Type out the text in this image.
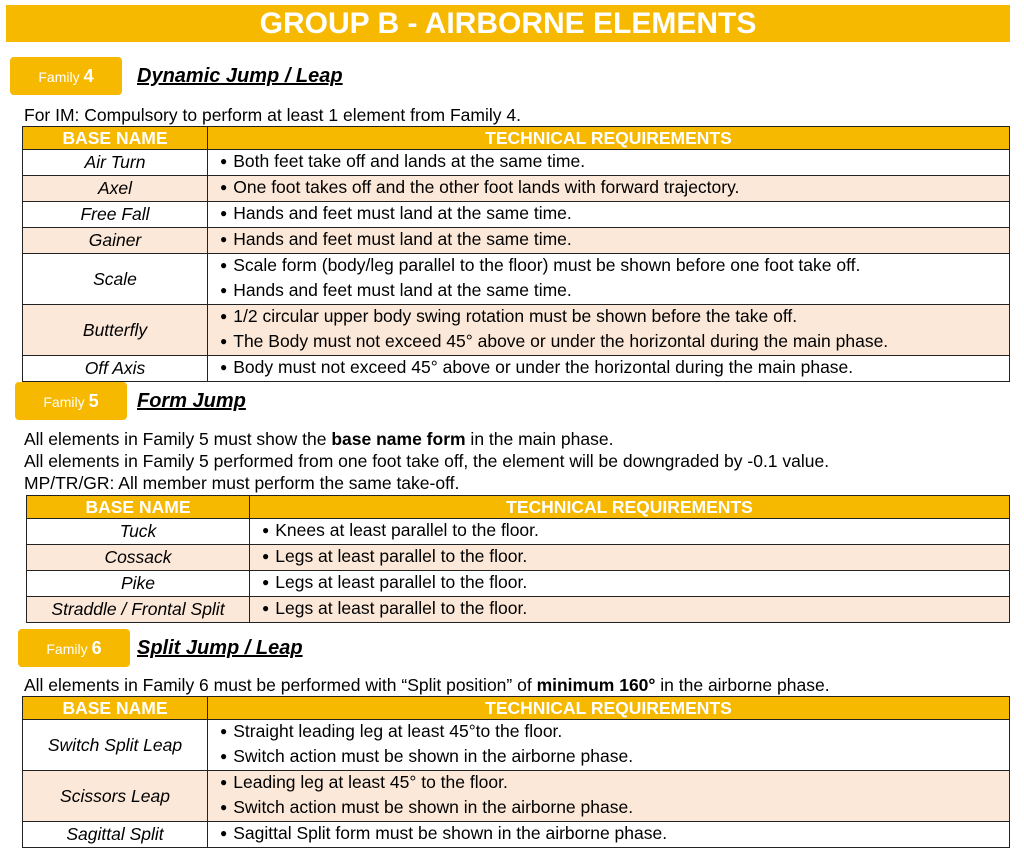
GROUP B - AIRBORNE ELEMENTS
Family 4	Dynamic Jump / Leap
For IM: Compulsory to perform at least 1 element from Family 4.
BASE NAME	TECHNICAL REQUIREMENTS
Air Turn	● Both feet take off and lands at the same time.

Axel	● One foot takes off and the other foot lands with forward trajectory.

Free Fall	● Hands and feet must land at the same time.

Gainer	● Hands and feet must land at the same time.

Scale	● Scale form (body/leg parallel to the floor) must be shown before one foot take off.
● Hands and feet must land at the same time.

Butterfly	● 1/2 circular upper body swing rotation must be shown before the take off.
● The Body must not exceed 45° above or under the horizontal during the main phase.

Off Axis	● Body must not exceed 45° above or under the horizontal during the main phase.
Family 5	Form Jump
All elements in Family 5 must show the base name form in the main phase.
All elements in Family 5 performed from one foot take off, the element will be downgraded by -0.1 value.
MP/TR/GR: All member must perform the same take-off.
BASE NAME	TECHNICAL REQUIREMENTS
Tuck	● Knees at least parallel to the floor.

Cossack	● Legs at least parallel to the floor.

Pike	● Legs at least parallel to the floor.

Straddle / Frontal Split	● Legs at least parallel to the floor.
Family 6	Split Jump / Leap
All elements in Family 6 must be performed with “Split position” of minimum 160° in the airborne phase.
BASE NAME	TECHNICAL REQUIREMENTS
Switch Split Leap	● Straight leading leg at least 45°to the floor.
● Switch action must be shown in the airborne phase.

Scissors Leap	● Leading leg at least 45° to the floor.
● Switch action must be shown in the airborne phase.

Sagittal Split	● Sagittal Split form must be shown in the airborne phase.
